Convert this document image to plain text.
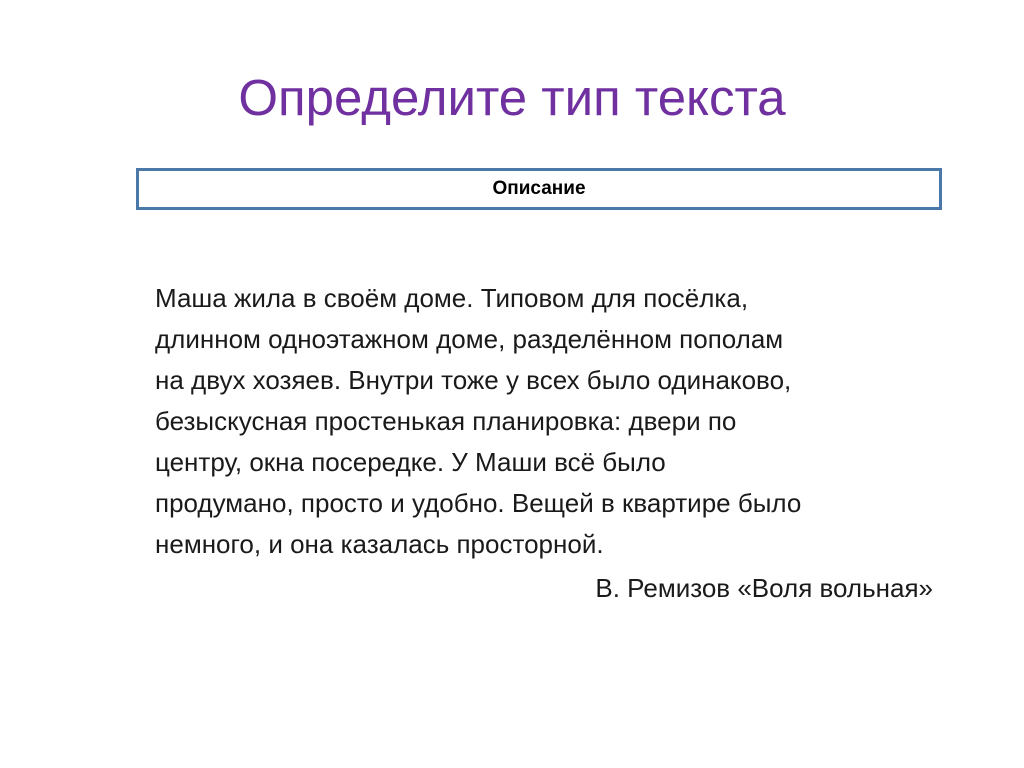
Определите тип текста
Описание
Маша жила в своём доме. Типовом для посёлка,
длинном одноэтажном доме, разделённом пополам
на двух хозяев. Внутри тоже у всех было одинаково,
безыскусная простенькая планировка: двери по
центру, окна посередке. У Маши всё было
продумано, просто и удобно. Вещей в квартире было
немного, и она казалась просторной.
В. Ремизов «Воля вольная»
